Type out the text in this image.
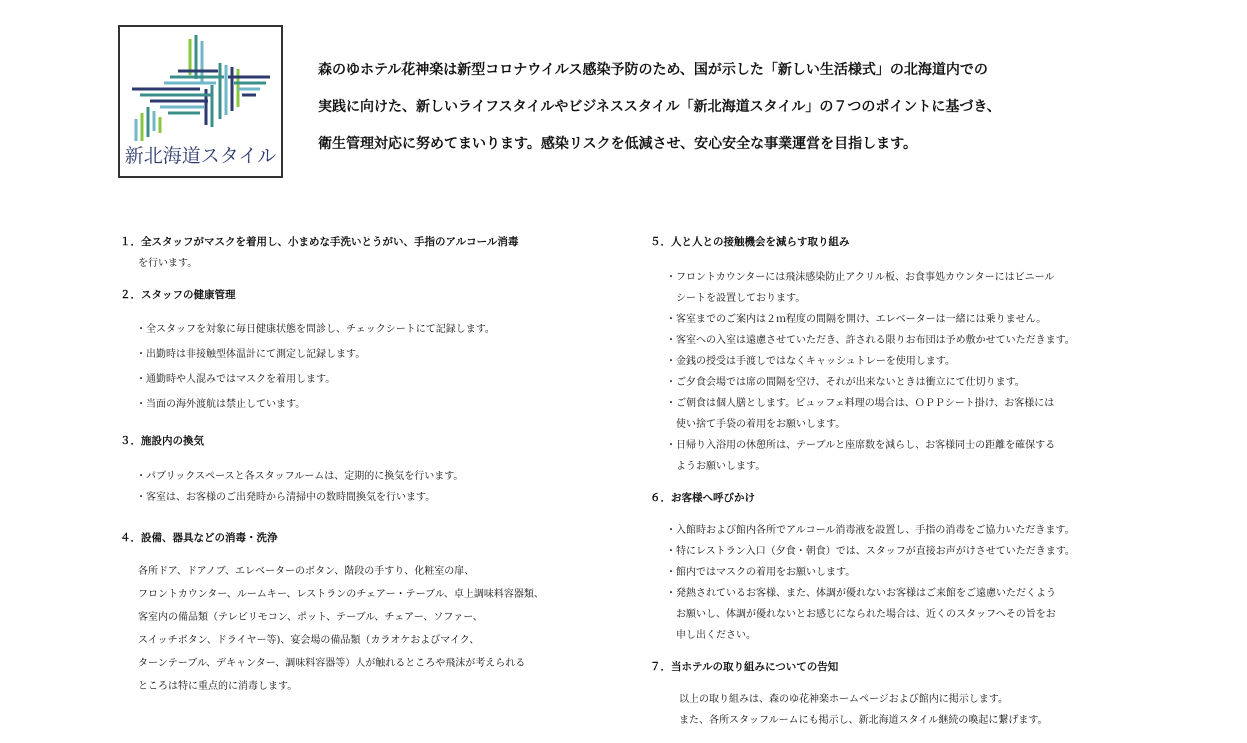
新北海道スタイル
森のゆホテル花神楽は新型コロナウイルス感染予防のため、国が示した「新しい生活様式」の北海道内での
実践に向けた、新しいライフスタイルやビジネススタイル「新北海道スタイル」の７つのポイントに基づき、
衛生管理対応に努めてまいります。感染リスクを低減させ、安心安全な事業運営を目指します。
１．全スタッフがマスクを着用し、小まめな手洗いとうがい、手指のアルコール消毒
を行います。
２．スタッフの健康管理
・全スタッフを対象に毎日健康状態を問診し、チェックシートにて記録します。
・出勤時は非接触型体温計にて測定し記録します。
・通勤時や人混みではマスクを着用します。
・当面の海外渡航は禁止しています。
３．施設内の換気
・パブリックスペースと各スタッフルームは、定期的に換気を行います。
・客室は、お客様のご出発時から清掃中の数時間換気を行います。
４．設備、器具などの消毒・洗浄
各所ドア、ドアノブ、エレベーターのボタン、階段の手すり、化粧室の扉、
フロントカウンター、ルームキー、レストランのチェアー・テーブル、卓上調味料容器類、
客室内の備品類（テレビリモコン、ポット、テーブル、チェアー、ソファー、
スイッチボタン、ドライヤー等)、宴会場の備品類（カラオケおよびマイク、
ターンテーブル、デキャンター、調味料容器等）人が触れるところや飛沫が考えられる
ところは特に重点的に消毒します。
５．人と人との接触機会を減らす取り組み
・フロントカウンターには飛沫感染防止アクリル板、お食事処カウンターにはビニール
　シートを設置しております。
・客室までのご案内は２ｍ程度の間隔を開け、エレベーターは一緒には乗りません。
・客室への入室は遠慮させていただき、許される限りお布団は予め敷かせていただきます。
・金銭の授受は手渡しではなくキャッシュトレーを使用します。
・ご夕食会場では席の間隔を空け、それが出来ないときは衝立にて仕切ります。
・ご朝食は個人膳とします。ビュッフェ料理の場合は、ＯＰＰシート掛け、お客様には
　使い捨て手袋の着用をお願いします。
・日帰り入浴用の休憩所は、テーブルと座席数を減らし、お客様同士の距離を確保する
　ようお願いします。
６．お客様へ呼びかけ
・入館時および館内各所でアルコール消毒液を設置し、手指の消毒をご協力いただきます。
・特にレストラン入口（夕食・朝食）では、スタッフが直接お声がけさせていただきます。
・館内ではマスクの着用をお願いします。
・発熱されているお客様、また、体調が優れないお客様はご来館をご遠慮いただくよう
　お願いし、体調が優れないとお感じになられた場合は、近くのスタッフへその旨をお
　申し出ください。
７．当ホテルの取り組みについての告知
以上の取り組みは、森のゆ花神楽ホームページおよび館内に掲示します。
また、各所スタッフルームにも掲示し、新北海道スタイル継続の喚起に繋げます。
